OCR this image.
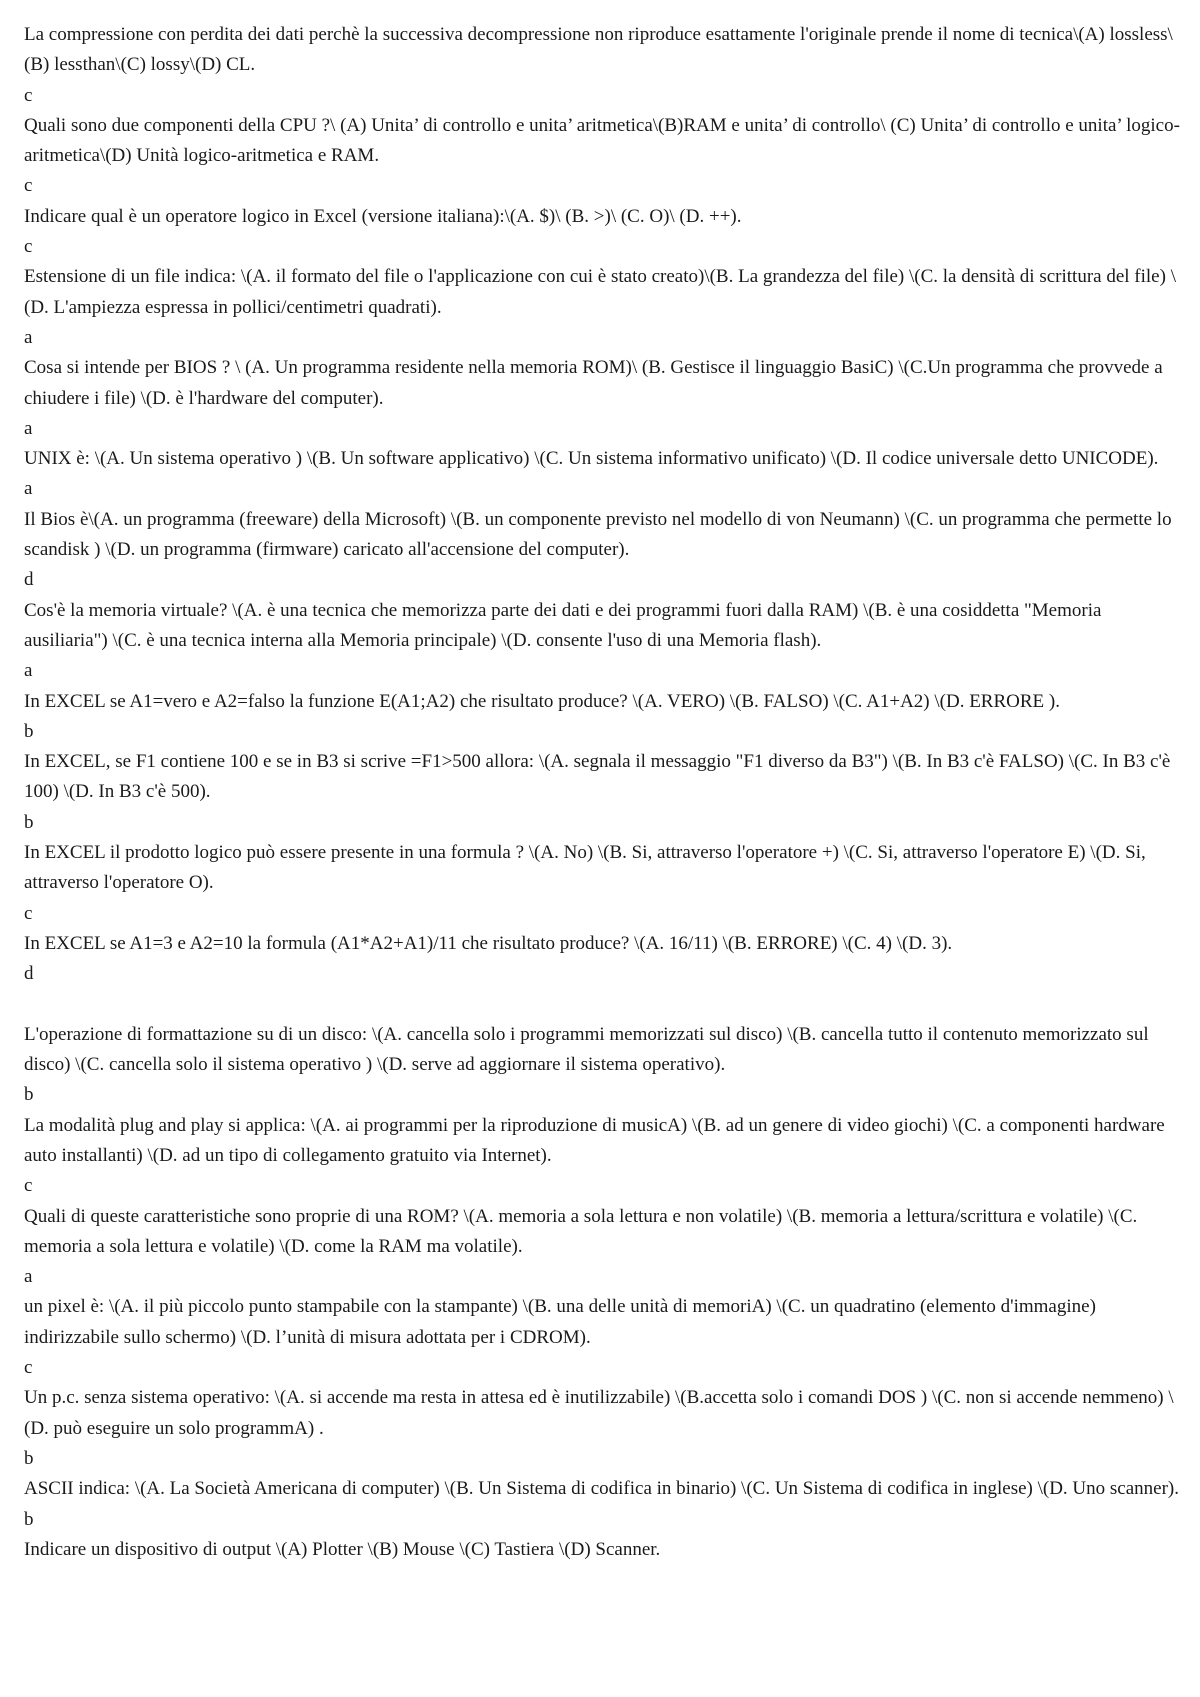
La compressione con perdita dei dati perchè la successiva decompressione non riproduce esattamente l'originale prende il nome di tecnica\(A) lossless\(B) lessthan\(C) lossy\(D) CL.

c

Quali sono due componenti della CPU ?\ (A) Unita’ di controllo e unita’ aritmetica\(B)RAM e unita’ di controllo\ (C) Unita’ di controllo e unita’ logico-aritmetica\(D) Unità logico-aritmetica e RAM.

c

Indicare qual è un operatore logico in Excel (versione italiana):\(A. $)\ (B. >)\ (C. O)\ (D. ++).

c

Estensione di un file indica: \(A. il formato del file o l'applicazione con cui è stato creato)\(B. La grandezza del file) \(C. la densità di scrittura del file) \(D. L'ampiezza espressa in pollici/centimetri quadrati).

a

Cosa si intende per BIOS ? \ (A. Un programma residente nella memoria ROM)\ (B. Gestisce il linguaggio BasiC) \(C.Un programma che provvede a chiudere i file) \(D. è l'hardware del computer).

a

UNIX è: \(A. Un sistema operativo ) \(B. Un software applicativo) \(C. Un sistema informativo unificato) \(D. Il codice universale detto UNICODE).

a

Il Bios è\(A. un programma (freeware) della Microsoft) \(B. un componente previsto nel modello di von Neumann) \(C. un programma che permette lo scandisk ) \(D. un programma (firmware) caricato all'accensione del computer).

d

Cos'è la memoria virtuale? \(A. è una tecnica che memorizza parte dei dati e dei programmi fuori dalla RAM) \(B. è una cosiddetta "Memoria ausiliaria") \(C. è una tecnica interna alla Memoria principale) \(D. consente l'uso di una Memoria flash).

a

In EXCEL se A1=vero e A2=falso la funzione E(A1;A2) che risultato produce? \(A. VERO) \(B. FALSO) \(C. A1+A2) \(D. ERRORE ).

b

In EXCEL, se F1 contiene 100 e se in B3 si scrive =F1>500 allora: \(A. segnala il messaggio "F1 diverso da B3") \(B. In B3 c'è FALSO) \(C. In B3 c'è 100) \(D. In B3 c'è 500).

b

In EXCEL il prodotto logico può essere presente in una formula ? \(A. No) \(B. Si, attraverso l'operatore +) \(C. Si, attraverso l'operatore E) \(D. Si, attraverso l'operatore O).

c

In EXCEL se A1=3 e A2=10 la formula (A1*A2+A1)/11 che risultato produce? \(A. 16/11) \(B. ERRORE) \(C. 4) \(D. 3).

d

L'operazione di formattazione su di un disco: \(A. cancella solo i programmi memorizzati sul disco) \(B. cancella tutto il contenuto memorizzato sul disco) \(C. cancella solo il sistema operativo ) \(D. serve ad aggiornare il sistema operativo).

b

La modalità plug and play si applica: \(A. ai programmi per la riproduzione di musicA) \(B. ad un genere di video giochi) \(C. a componenti hardware auto installanti) \(D. ad un tipo di collegamento gratuito via Internet).

c

Quali di queste caratteristiche sono proprie di una ROM? \(A. memoria a sola lettura e non volatile) \(B. memoria a lettura/scrittura e volatile) \(C. memoria a sola lettura e volatile) \(D. come la RAM ma volatile).

a

un pixel è: \(A. il più piccolo punto stampabile con la stampante) \(B. una delle unità di memoriA) \(C. un quadratino (elemento d'immagine) indirizzabile sullo schermo) \(D. l’unità di misura adottata per i CDROM).

c

Un p.c. senza sistema operativo: \(A. si accende ma resta in attesa ed è inutilizzabile) \(B.accetta solo i comandi DOS ) \(C. non si accende nemmeno) \(D. può eseguire un solo programmA) .

b

ASCII indica: \(A. La Società Americana di computer) \(B. Un Sistema di codifica in binario) \(C. Un Sistema di codifica in inglese) \(D. Uno scanner).

b

Indicare un dispositivo di output \(A) Plotter \(B) Mouse \(C) Tastiera \(D) Scanner.
